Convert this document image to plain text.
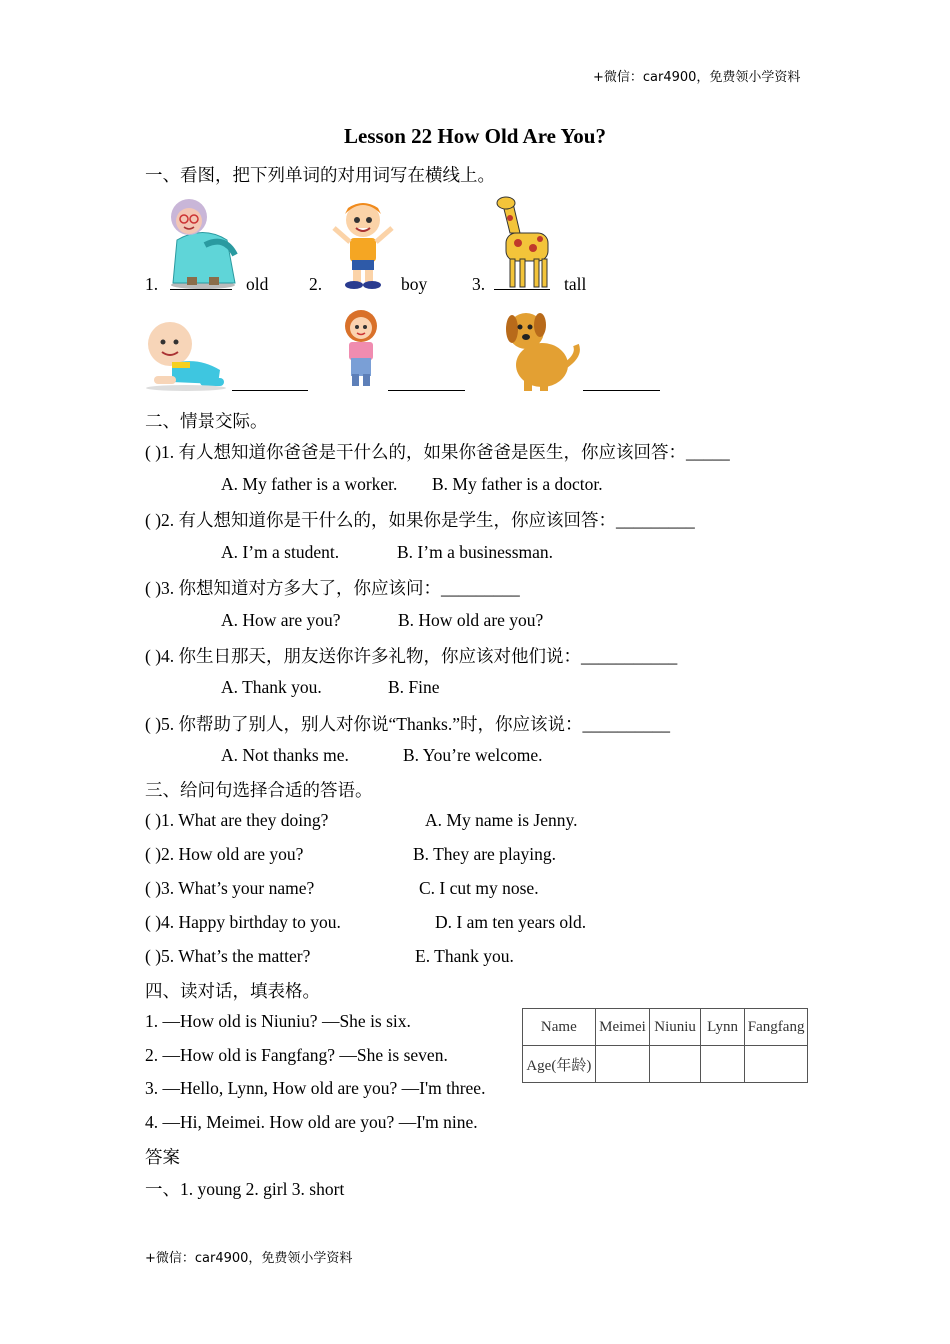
+微信：car4900，免费领小学资料
Lesson 22 How Old Are You?
一、看图，把下列单词的对用词写在横线上。
1.	old 2.	boy	3.	tall
二、情景交际。
( )1. 有人想知道你爸爸是干什么的，如果你爸爸是医生，你应该回答：_____
A. My father is a worker. B. My father is a doctor.
( )2. 有人想知道你是干什么的，如果你是学生，你应该回答：_________
A. I’m a student.	B. I’m a businessman.
( )3. 你想知道对方多大了，你应该问：_________
A. How are you?	B. How old are you?
( )4. 你生日那天，朋友送你许多礼物，你应该对他们说：___________
A. Thank you.	B. Fine
( )5. 你帮助了别人，别人对你说“Thanks.”时，你应该说：__________
A. Not thanks me.	B. You’re welcome.
三、给问句选择合适的答语。
( )1. What are they doing?	A. My name is Jenny.
( )2. How old are you?	B. They are playing.
( )3. What’s your name?	C. I cut my nose.
( )4. Happy birthday to you.	D. I am ten years old.
( )5. What’s the matter?	E. Thank you.
四、读对话，填表格。
1. —How old is Niuniu? —She is six.
2. —How old is Fangfang? —She is seven.
3. —Hello, Lynn, How old are you? —I'm three.
4. —Hi, Meimei. How old are you? —I'm nine.
Name	Meimei	Niuniu	Lynn	Fangfang
Age(年龄)				
答案
一、1. young 2. girl 3. short
+微信：car4900，免费领小学资料
